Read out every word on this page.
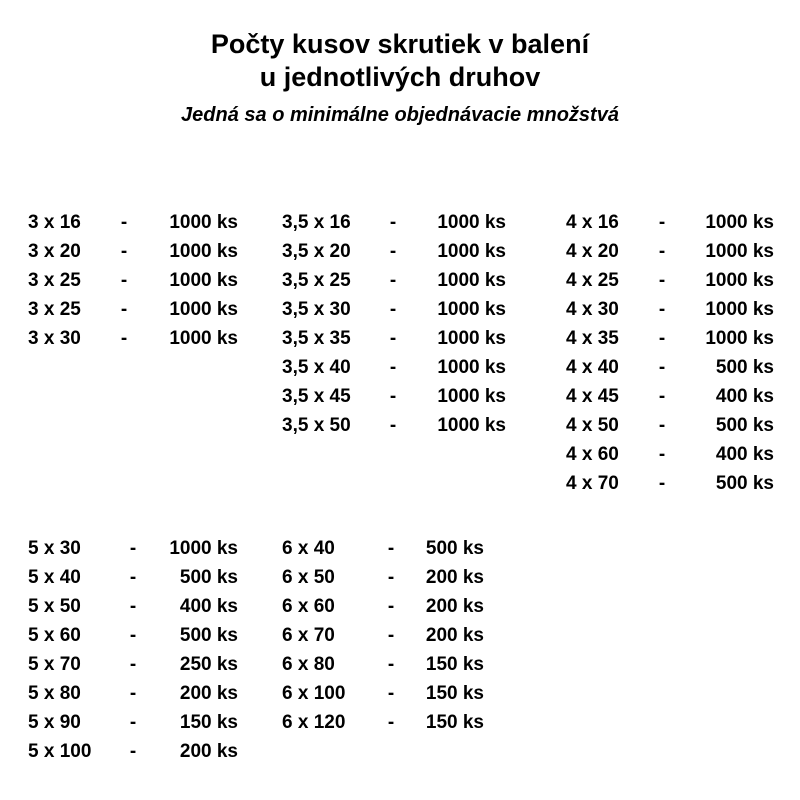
Počty kusov skrutiek v balení
u jednotlivých druhov
Jedná sa o minimálne objednávacie množstvá
3 x 16	-	1000 ks
3 x 20	-	1000 ks
3 x 25	-	1000 ks
3 x 25	-	1000 ks
3 x 30	-	1000 ks
3,5 x 16	-	1000 ks
3,5 x 20	-	1000 ks
3,5 x 25	-	1000 ks
3,5 x 30	-	1000 ks
3,5 x 35	-	1000 ks
3,5 x 40	-	1000 ks
3,5 x 45	-	1000 ks
3,5 x 50	-	1000 ks
4 x 16	-	1000 ks
4 x 20	-	1000 ks
4 x 25	-	1000 ks
4 x 30	-	1000 ks
4 x 35	-	1000 ks
4 x 40	-	500 ks
4 x 45	-	400 ks
4 x 50	-	500 ks
4 x 60	-	400 ks
4 x 70	-	500 ks
5 x 30	-	1000 ks
5 x 40	-	500 ks
5 x 50	-	400 ks
5 x 60	-	500 ks
5 x 70	-	250 ks
5 x 80	-	200 ks
5 x 90	-	150 ks
5 x 100	-	200 ks
6 x 40	-	500 ks
6 x 50	-	200 ks
6 x 60	-	200 ks
6 x 70	-	200 ks
6 x 80	-	150 ks
6 x 100	-	150 ks
6 x 120	-	150 ks
